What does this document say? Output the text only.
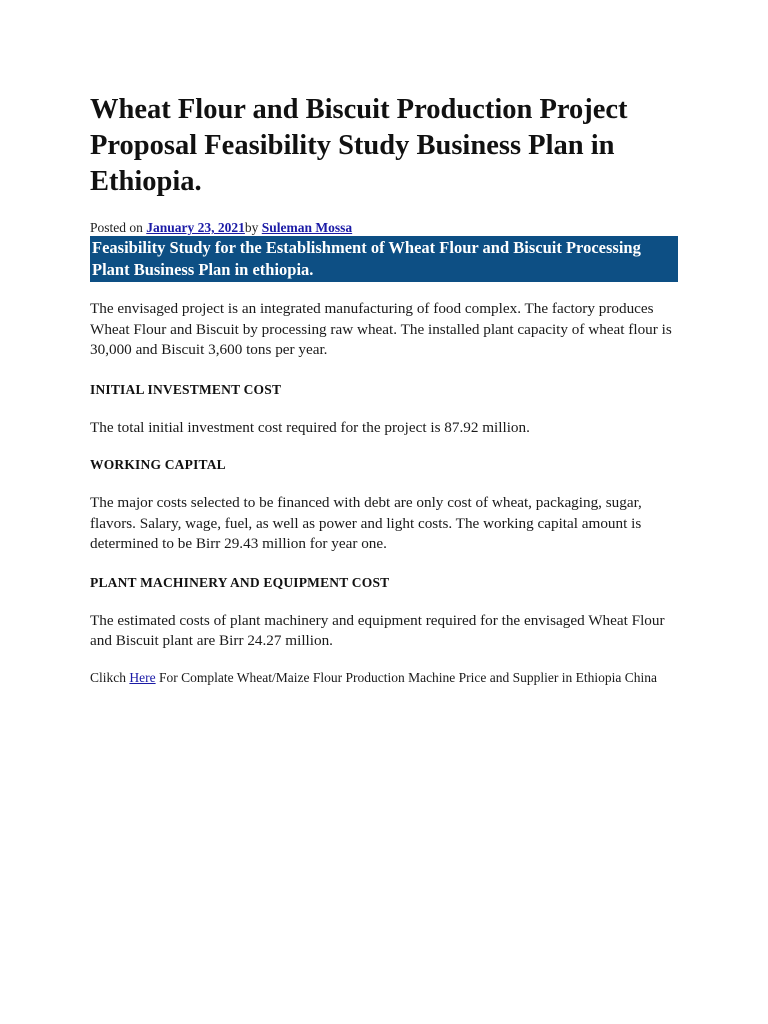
Wheat Flour and Biscuit Production Project Proposal Feasibility Study Business Plan in Ethiopia.
Posted on January 23, 2021by Suleman Mossa
Feasibility Study for the Establishment of Wheat Flour and Biscuit Processing Plant Business Plan in ethiopia.

The envisaged project is an integrated manufacturing of food complex. The factory produces Wheat Flour and Biscuit by processing raw wheat. The installed plant capacity of wheat flour is 30,000 and Biscuit 3,600 tons per year.

INITIAL INVESTMENT COST

The total initial investment cost required for the project is 87.92 million.

WORKING CAPITAL

The major costs selected to be financed with debt are only cost of wheat, packaging, sugar, flavors. Salary, wage, fuel, as well as power and light costs. The working capital amount is determined to be Birr 29.43 million for year one.

PLANT MACHINERY AND EQUIPMENT COST

The estimated costs of plant machinery and equipment required for the envisaged Wheat Flour and Biscuit plant are Birr 24.27 million.

Clikch Here For Complate Wheat/Maize Flour Production Machine Price and Supplier in Ethiopia China
